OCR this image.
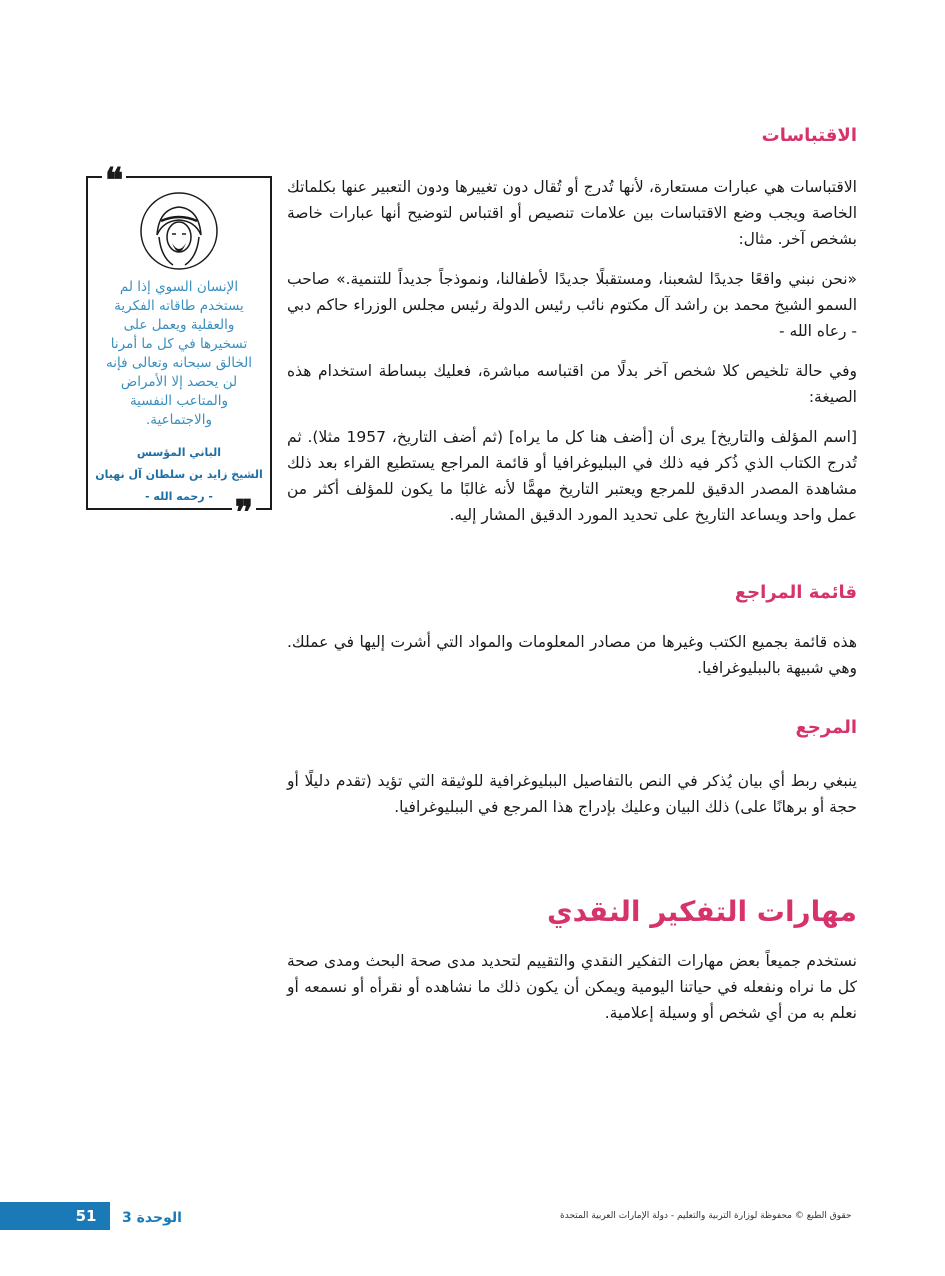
الاقتباسات

الاقتباسات هي عبارات مستعارة، لأنها تُدرج أو تُقال دون تغييرها ودون التعبير عنها بكلماتك الخاصة ويجب وضع الاقتباسات بين علامات تنصيص أو اقتباس لتوضيح أنها عبارات خاصة بشخص آخر. مثال:

«نحن نبني واقعًا جديدًا لشعبنا، ومستقبلًا جديدًا لأطفالنا، ونموذجاً جديداً للتنمية.» صاحب السمو الشيخ محمد بن راشد آل مكتوم نائب رئيس الدولة رئيس مجلس الوزراء حاكم دبي - رعاه الله -

وفي حالة تلخيص كلا شخص آخر بدلًا من اقتباسه مباشرة، فعليك ببساطة استخدام هذه الصيغة:

[اسم المؤلف والتاريخ] يرى أن [أضف هنا كل ما يراه] (ثم أضف التاريخ، 1957 مثلا). ثم تُدرج الكتاب الذي ذُكر فيه ذلك في الببليوغرافيا أو قائمة المراجع يستطيع القراء بعد ذلك مشاهدة المصدر الدقيق للمرجع ويعتبر التاريخ مهمًّا لأنه غالبًا ما يكون للمؤلف أكثر من عمل واحد ويساعد التاريخ على تحديد المورد الدقيق المشار إليه.

قائمة المراجع

هذه قائمة بجميع الكتب وغيرها من مصادر المعلومات والمواد التي أشرت إليها في عملك. وهي شبيهة بالببليوغرافيا.

المرجع

ينبغي ربط أي بيان يُذكر في النص بالتفاصيل الببليوغرافية للوثيقة التي تؤيد (تقدم دليلًا أو حجة أو برهانًا على) ذلك البيان وعليك بإدراج هذا المرجع في الببليوغرافيا.

مهارات التفكير النقدي

نستخدم جميعاً بعض مهارات التفكير النقدي والتقييم لتحديد مدى صحة البحث ومدى صحة كل ما نراه ونفعله في حياتنا اليومية ويمكن أن يكون ذلك ما نشاهده أو نقرأه أو نسمعه أو نعلم به من أي شخص أو وسيلة إعلامية.

❝

الإنسان السوي إذا لم يستخدم طاقاته الفكرية والعقلية ويعمل على تسخيرها في كل ما أمرنا الخالق سبحانه وتعالى فإنه لن يحصد إلا الأمراض والمتاعب النفسية والاجتماعية.

الباني المؤسس
الشيخ زايد بن سلطان آل نهيان
- رحمه الله - ❞
51	الوحدة 3	حقوق الطبع © محفوظة لوزارة التربية والتعليم - دولة الإمارات العربية المتحدة
